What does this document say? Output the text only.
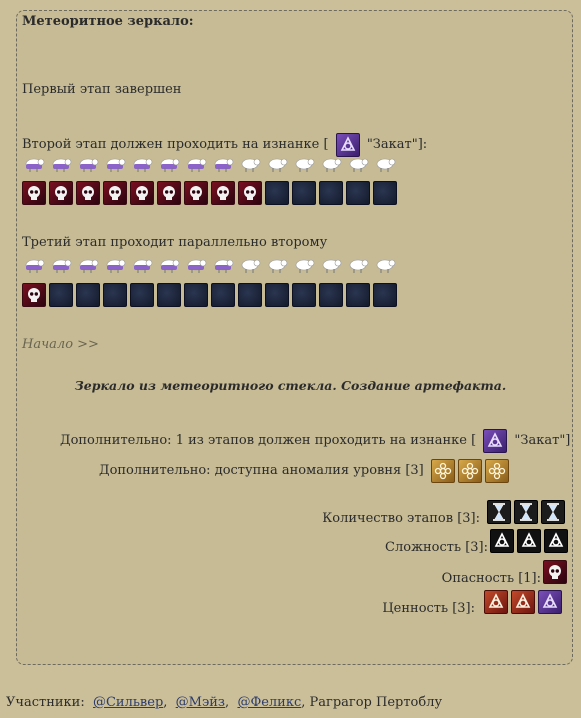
Метеоритное зеркало:
Первый этап завершен
Второй этап должен проходить на изнанке [	"Закат"]:
Третий этап проходит параллельно второму
Начало >>
Зеркало из метеоритного стекла. Создание артефакта.
Дополнительно: 1 из этапов должен проходить на изнанке [	"Закат"]
Дополнительно: доступна аномалия уровня [3]
Количество этапов [3]:
Сложность [3]:
Опасность [1]:
Ценность [3]:
Участники: @Сильвер,  @Мэйз,  @Феликс, Рагрaгор Пертоблу
